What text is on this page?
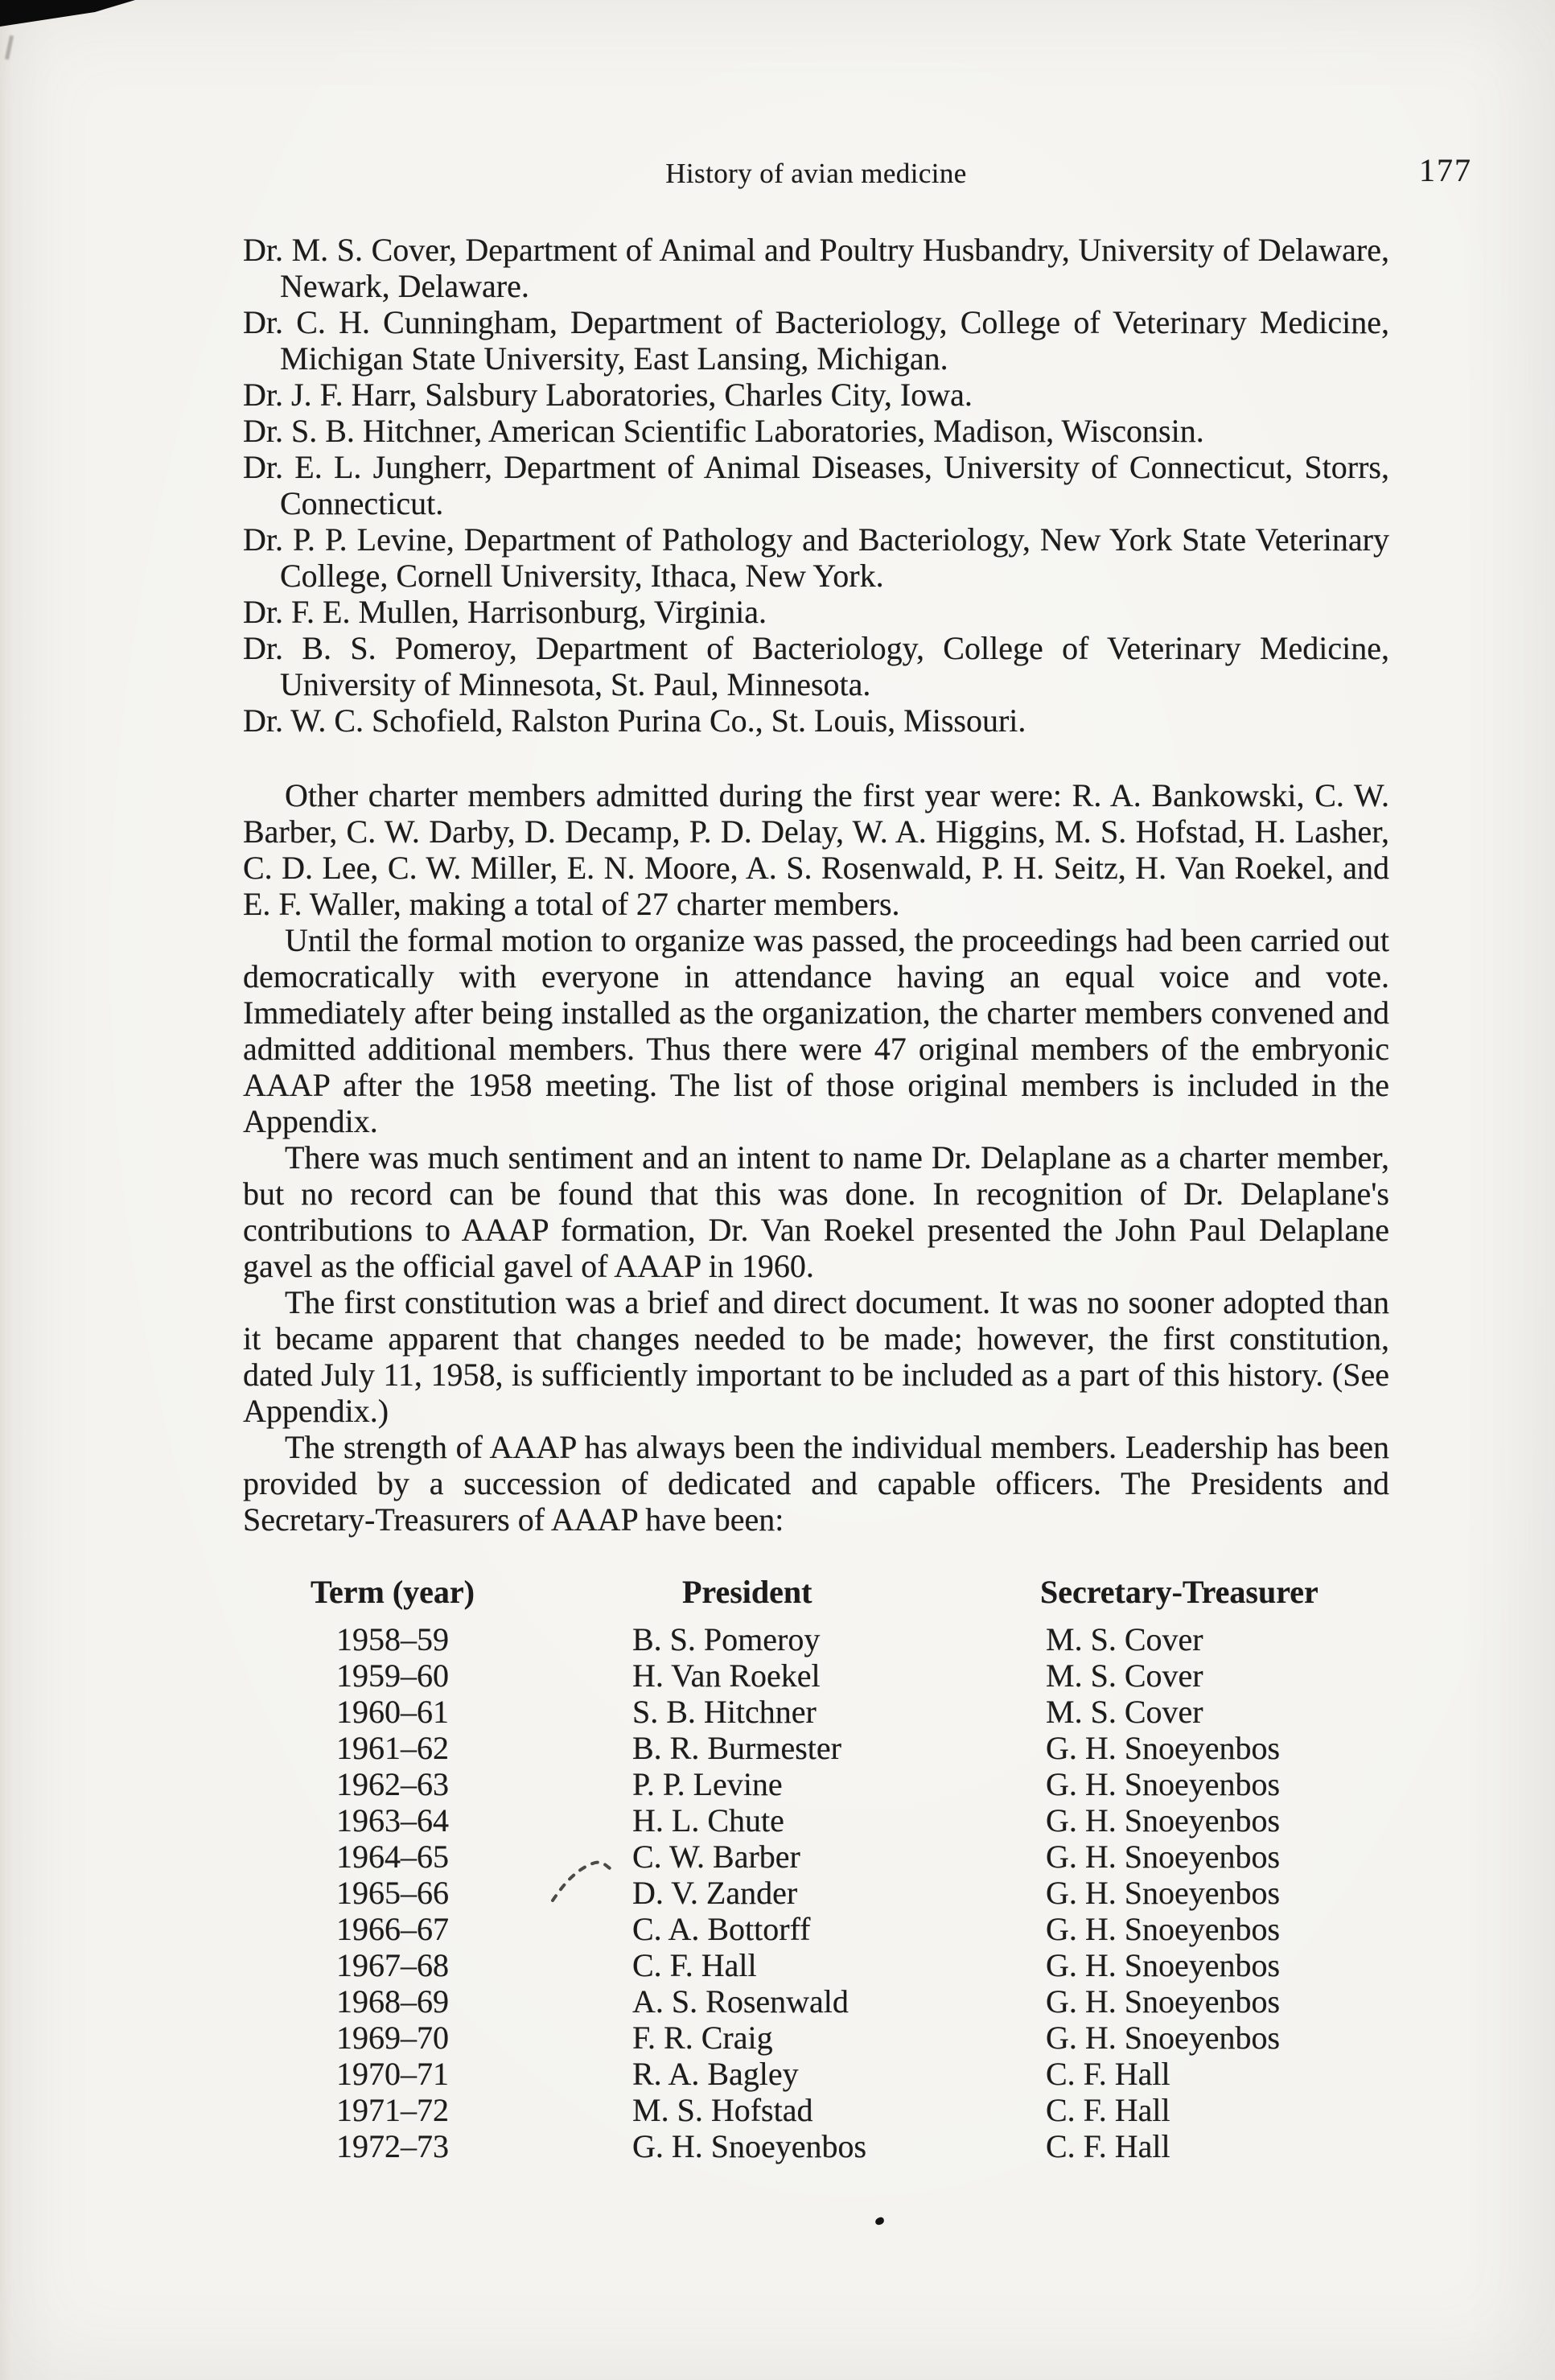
History of avian medicine	177

Dr. M. S. Cover, Department of Animal and Poultry Husbandry, University of Delaware, Newark, Delaware.

Dr. C. H. Cunningham, Department of Bacteriology, College of Veterinary Medicine, Michigan State University, East Lansing, Michigan.

Dr. J. F. Harr, Salsbury Laboratories, Charles City, Iowa.

Dr. S. B. Hitchner, American Scientific Laboratories, Madison, Wisconsin.

Dr. E. L. Jungherr, Department of Animal Diseases, University of Connecticut, Storrs, Connecticut.

Dr. P. P. Levine, Department of Pathology and Bacteriology, New York State Veterinary College, Cornell University, Ithaca, New York.

Dr. F. E. Mullen, Harrisonburg, Virginia.

Dr. B. S. Pomeroy, Department of Bacteriology, College of Veterinary Medicine, University of Minnesota, St. Paul, Minnesota.

Dr. W. C. Schofield, Ralston Purina Co., St. Louis, Missouri.

Other charter members admitted during the first year were: R. A. Bankowski, C. W. Barber, C. W. Darby, D. Decamp, P. D. Delay, W. A. Higgins, M. S. Hofstad, H. Lasher, C. D. Lee, C. W. Miller, E. N. Moore, A. S. Rosenwald, P. H. Seitz, H. Van Roekel, and E. F. Waller, making a total of 27 charter members.

Until the formal motion to organize was passed, the proceedings had been carried out democratically with everyone in attendance having an equal voice and vote. Immediately after being installed as the organization, the charter members convened and admitted additional members. Thus there were 47 original members of the embryonic AAAP after the 1958 meeting. The list of those original members is included in the Appendix.

There was much sentiment and an intent to name Dr. Delaplane as a charter member, but no record can be found that this was done. In recognition of Dr. Delaplane's contributions to AAAP formation, Dr. Van Roekel presented the John Paul Delaplane gavel as the official gavel of AAAP in 1960.

The first constitution was a brief and direct document. It was no sooner adopted than it became apparent that changes needed to be made; however, the first constitution, dated July 11, 1958, is sufficiently important to be included as a part of this history. (See Appendix.)

The strength of AAAP has always been the individual members. Leadership has been provided by a succession of dedicated and capable officers. The Presidents and Secretary-Treasurers of AAAP have been:

Term (year)	President	Secretary-Treasurer
1958–59	B. S. Pomeroy	M. S. Cover
1959–60	H. Van Roekel	M. S. Cover
1960–61	S. B. Hitchner	M. S. Cover
1961–62	B. R. Burmester	G. H. Snoeyenbos
1962–63	P. P. Levine	G. H. Snoeyenbos
1963–64	H. L. Chute	G. H. Snoeyenbos
1964–65	C. W. Barber	G. H. Snoeyenbos
1965–66	D. V. Zander	G. H. Snoeyenbos
1966–67	C. A. Bottorff	G. H. Snoeyenbos
1967–68	C. F. Hall	G. H. Snoeyenbos
1968–69	A. S. Rosenwald	G. H. Snoeyenbos
1969–70	F. R. Craig	G. H. Snoeyenbos
1970–71	R. A. Bagley	C. F. Hall
1971–72	M. S. Hofstad	C. F. Hall
1972–73	G. H. Snoeyenbos	C. F. Hall
